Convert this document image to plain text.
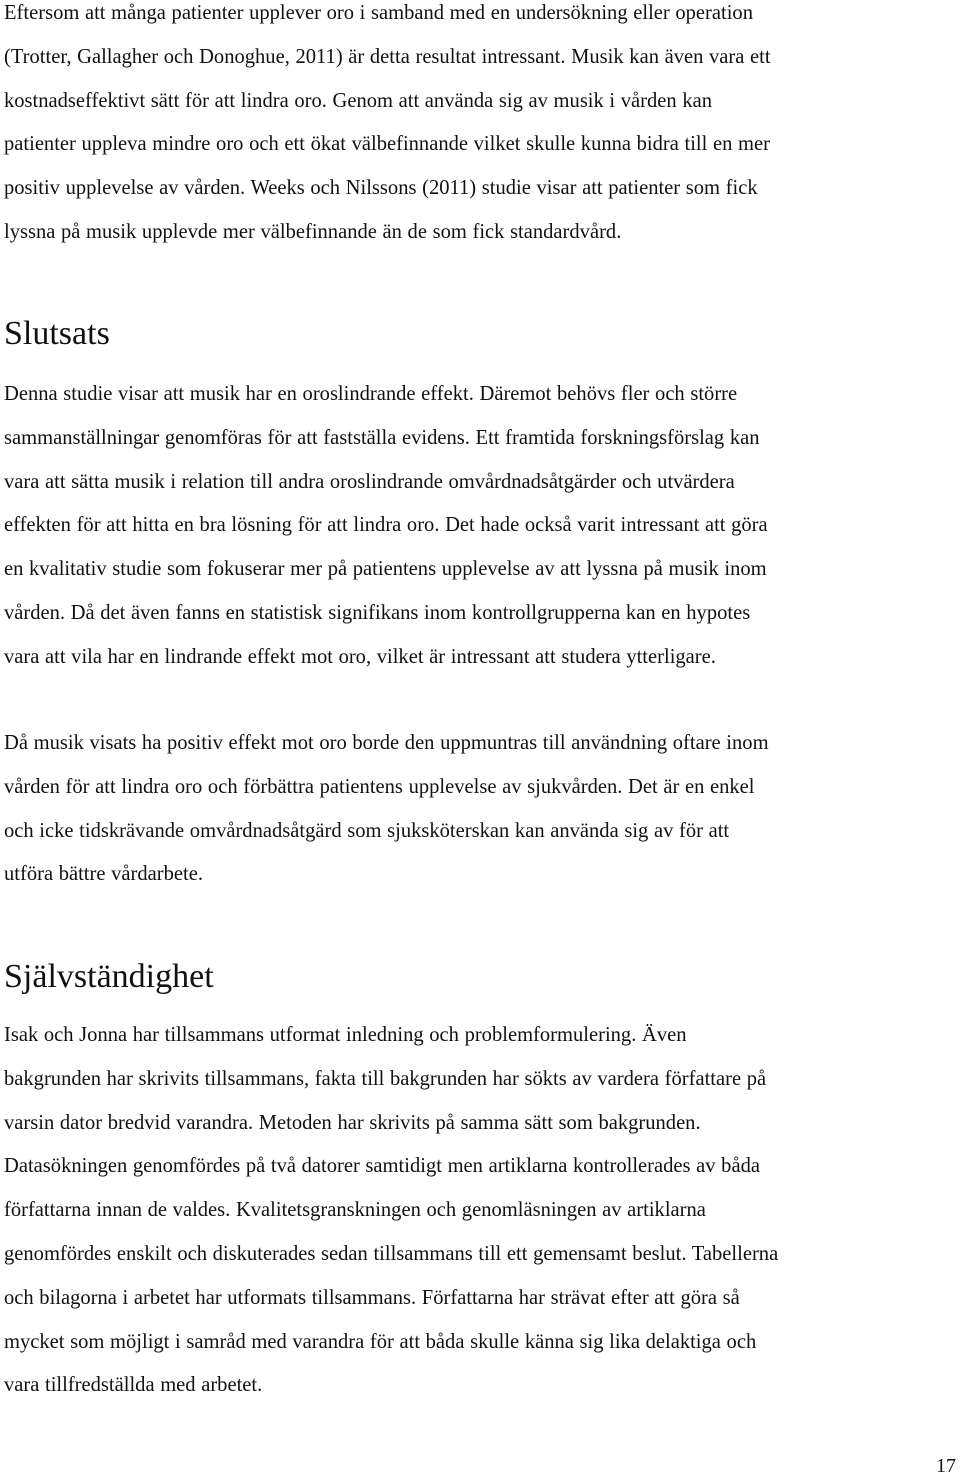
Eftersom att många patienter upplever oro i samband med en undersökning eller operation
(Trotter, Gallagher och Donoghue, 2011) är detta resultat intressant. Musik kan även vara ett
kostnadseffektivt sätt för att lindra oro. Genom att använda sig av musik i vården kan
patienter uppleva mindre oro och ett ökat välbefinnande vilket skulle kunna bidra till en mer
positiv upplevelse av vården. Weeks och Nilssons (2011) studie visar att patienter som fick
lyssna på musik upplevde mer välbefinnande än de som fick standardvård.
Slutsats
Denna studie visar att musik har en oroslindrande effekt. Däremot behövs fler och större
sammanställningar genomföras för att fastställa evidens. Ett framtida forskningsförslag kan
vara att sätta musik i relation till andra oroslindrande omvårdnadsåtgärder och utvärdera
effekten för att hitta en bra lösning för att lindra oro. Det hade också varit intressant att göra
en kvalitativ studie som fokuserar mer på patientens upplevelse av att lyssna på musik inom
vården. Då det även fanns en statistisk signifikans inom kontrollgrupperna kan en hypotes
vara att vila har en lindrande effekt mot oro, vilket är intressant att studera ytterligare.
Då musik visats ha positiv effekt mot oro borde den uppmuntras till användning oftare inom
vården för att lindra oro och förbättra patientens upplevelse av sjukvården. Det är en enkel
och icke tidskrävande omvårdnadsåtgärd som sjuksköterskan kan använda sig av för att
utföra bättre vårdarbete.
Självständighet
Isak och Jonna har tillsammans utformat inledning och problemformulering. Även
bakgrunden har skrivits tillsammans, fakta till bakgrunden har sökts av vardera författare på
varsin dator bredvid varandra. Metoden har skrivits på samma sätt som bakgrunden.
Datasökningen genomfördes på två datorer samtidigt men artiklarna kontrollerades av båda
författarna innan de valdes. Kvalitetsgranskningen och genomläsningen av artiklarna
genomfördes enskilt och diskuterades sedan tillsammans till ett gemensamt beslut. Tabellerna
och bilagorna i arbetet har utformats tillsammans. Författarna har strävat efter att göra så
mycket som möjligt i samråd med varandra för att båda skulle känna sig lika delaktiga och
vara tillfredställda med arbetet.
17
